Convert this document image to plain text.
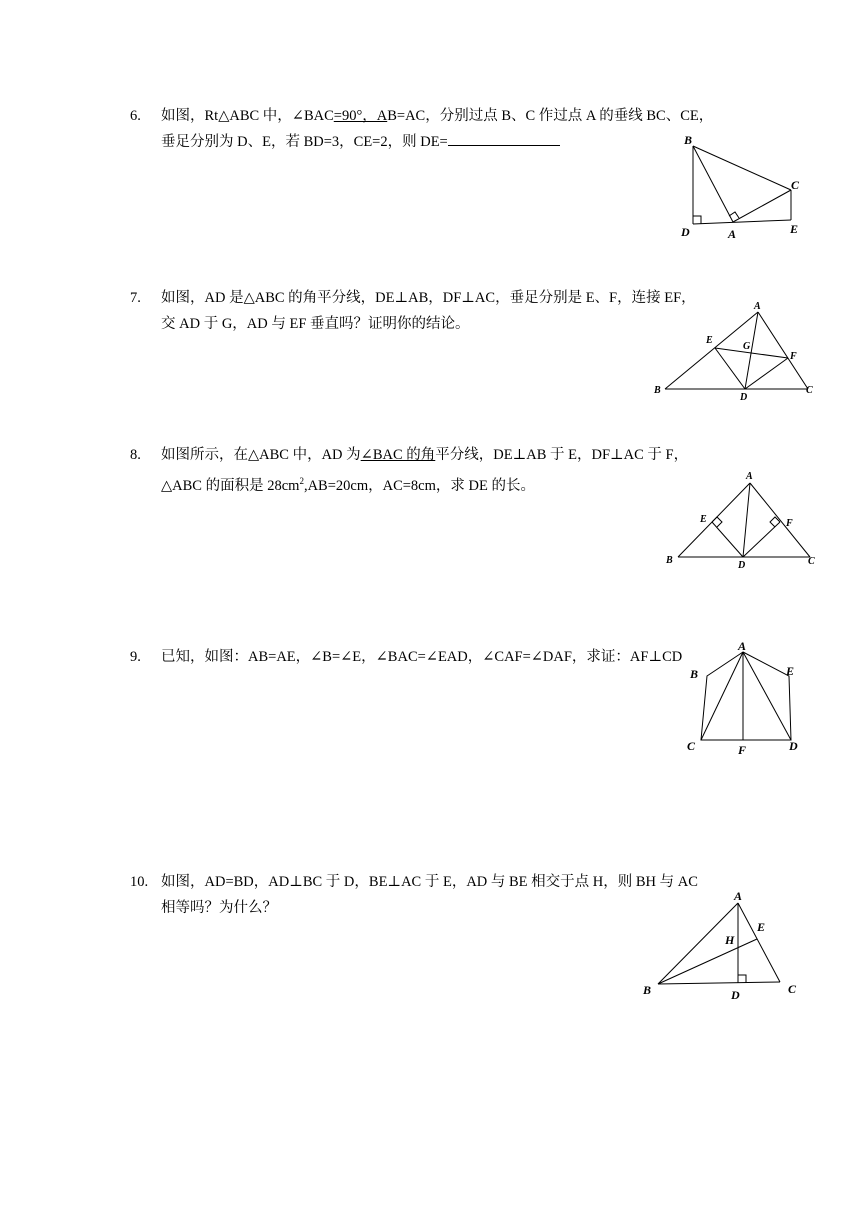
6.	如图，Rt△ABC 中，∠BAC=90°，AB=AC，分别过点 B、C 作过点 A 的垂线 BC、CE，
垂足分别为 D、E，若 BD=3，CE=2，则 DE=	B
C
D	A	E
7.	如图，AD 是△ABC 的角平分线，DE⊥AB，DF⊥AC，垂足分别是 E、F，连接 EF，
交 AD 于 G，AD 与 EF 垂直吗？证明你的结论。
A
E
G
F
B
D
C
8.	如图所示，在△ABC 中，AD 为∠BAC 的角平分线，DE⊥AB 于 E，DF⊥AC 于 F，
△ABC 的面积是 $28cm^2,AB=20cm$，AC=8cm，求 DE 的长。
A
E	F
B	D	C
9.	已知，如图：AB=AE，∠B=∠E，∠BAC=∠EAD，∠CAF=∠DAF，求证：AF⊥CD
A
B	E
C	F	D
10. 如图，AD=BD，AD⊥BC 于 D，BE⊥AC 于 E，AD 与 BE 相交于点 H，则 BH 与 AC
相等吗？为什么？
A
E
H
B	D	C
